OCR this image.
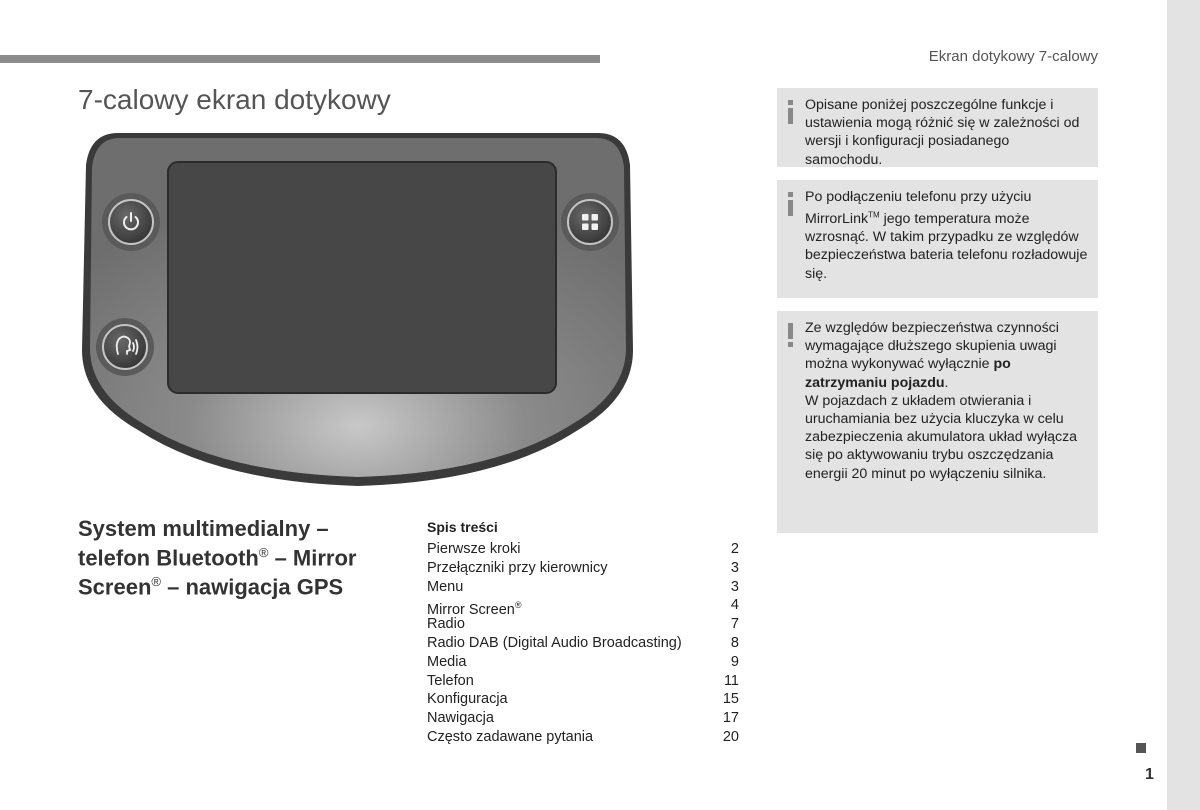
Ekran dotykowy 7-calowy
1
7-calowy ekran dotykowy
System multimedialny –
telefon Bluetooth® – Mirror
Screen® – nawigacja GPS
Spis treści
Pierwsze kroki	2
Przełączniki przy kierownicy	3
Menu	3
Mirror Screen®	4
Radio	7
Radio DAB (Digital Audio Broadcasting)	8
Media	9
Telefon	11
Konfiguracja	15
Nawigacja	17
Często zadawane pytania	20
Opisane poniżej poszczególne funkcje i ustawienia mogą różnić się w zależności od wersji i konfiguracji posiadanego samochodu.
Po podłączeniu telefonu przy użyciu MirrorLink™ jego temperatura może wzrosnąć. W takim przypadku ze względów bezpieczeństwa bateria telefonu rozładowuje się.
Ze względów bezpieczeństwa czynności wymagające dłuższego skupienia uwagi można wykonywać wyłącznie po zatrzymaniu pojazdu.
W pojazdach z układem otwierania i uruchamiania bez użycia kluczyka w celu zabezpieczenia akumulatora układ wyłącza się po aktywowaniu trybu oszczędzania energii 20 minut po wyłączeniu silnika.
